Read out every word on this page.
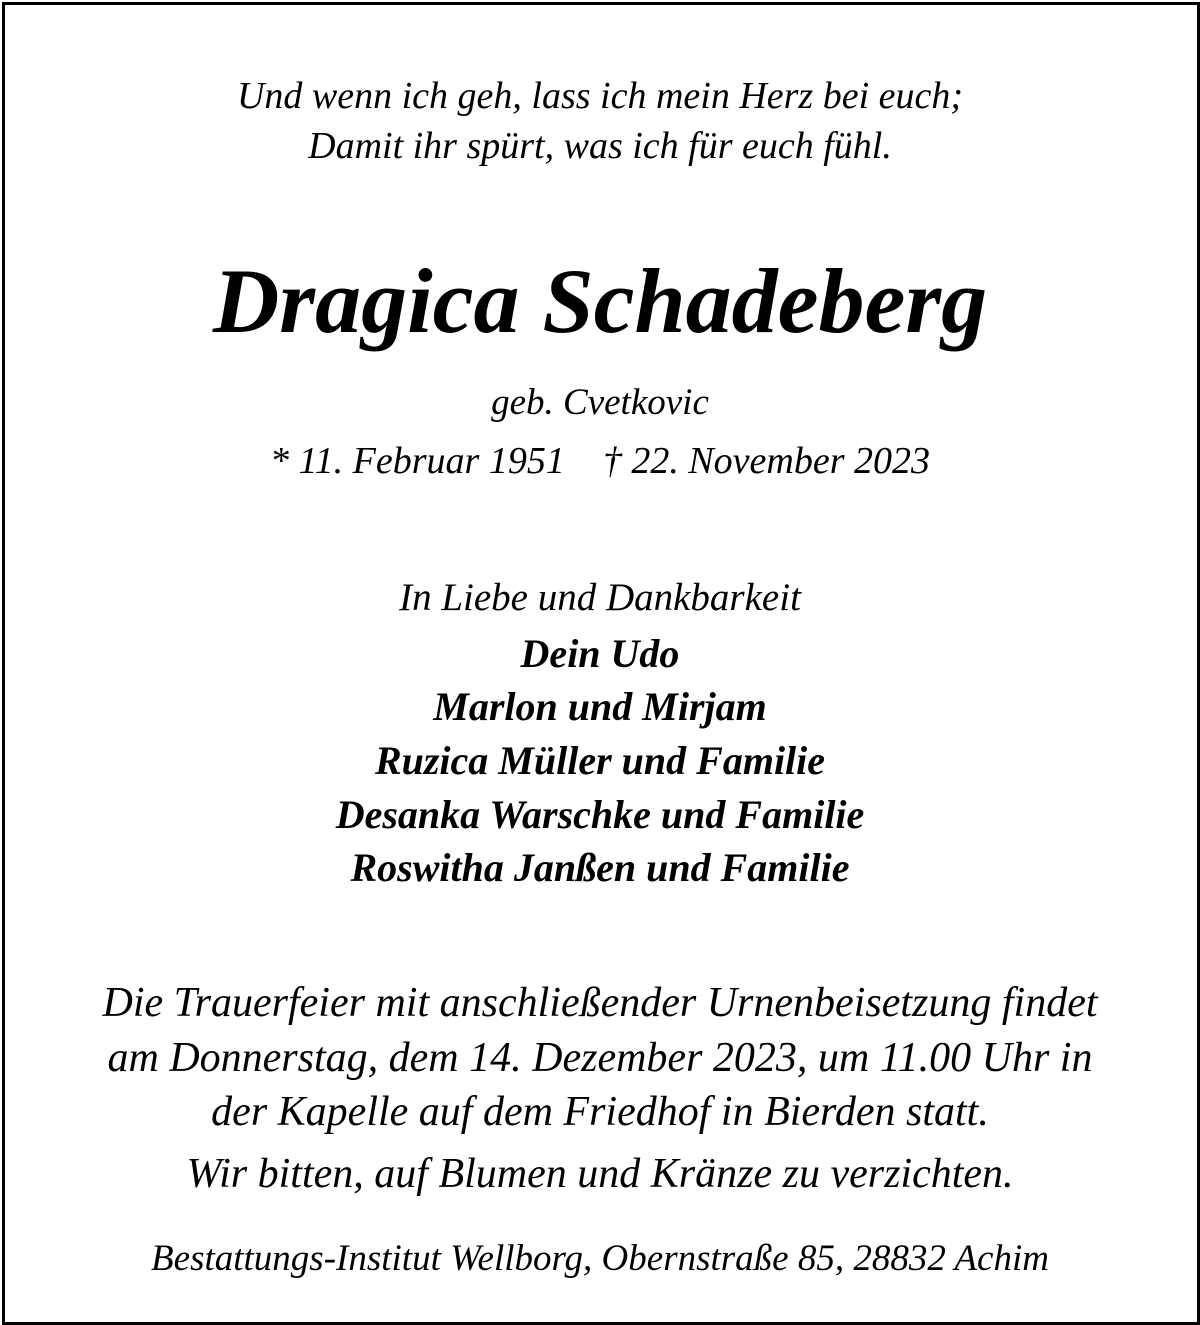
Und wenn ich geh, lass ich mein Herz bei euch;
Damit ihr spürt, was ich für euch fühl.
Dragica Schadeberg
geb. Cvetkovic
* 11. Februar 1951 † 22. November 2023
In Liebe und Dankbarkeit
Dein Udo
Marlon und Mirjam
Ruzica Müller und Familie
Desanka Warschke und Familie
Roswitha Janßen und Familie
Die Trauerfeier mit anschließender Urnenbeisetzung findet
am Donnerstag, dem 14. Dezember 2023, um 11.00 Uhr in
der Kapelle auf dem Friedhof in Bierden statt.
Wir bitten, auf Blumen und Kränze zu verzichten.
Bestattungs-Institut Wellborg, Obernstraße 85, 28832 Achim
